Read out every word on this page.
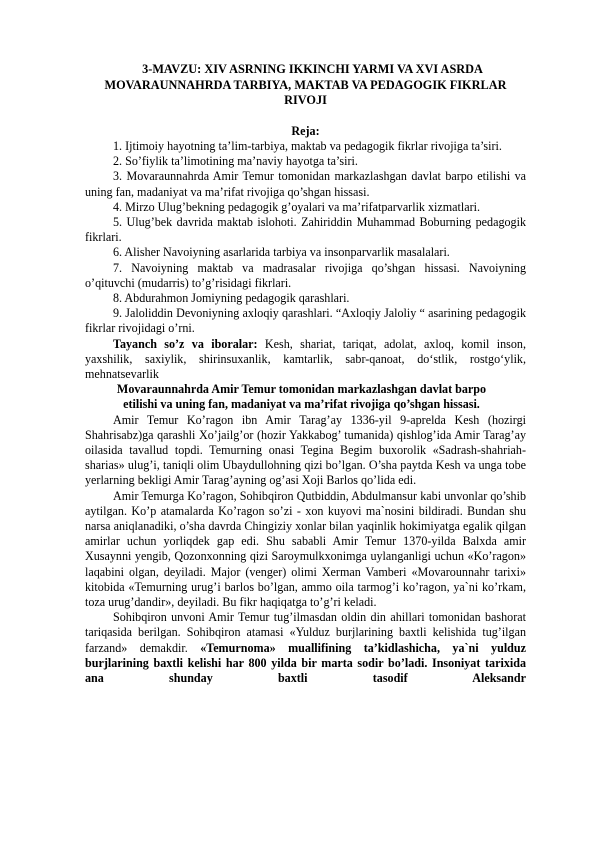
3-MAVZU: XIV ASRNING IKKINCHI YARMI VA XVI ASRDA
MOVARAUNNAHRDA TARBIYA, MAKTAB VA PEDAGOGIK FIKRLAR
RIVOJI

Reja:

1. Ijtimoiy hayotning ta’lim-tarbiya, maktab va pedagogik fikrlar rivojiga ta’siri.

2. So’fiylik ta’limotining ma’naviy hayotga ta’siri.

3. Movaraunnahrda Amir Temur tomonidan markazlashgan davlat barpo etilishi va uning fan, madaniyat va ma’rifat rivojiga qo’shgan hissasi.

4. Mirzo Ulug’bekning pedagogik g’oyalari va ma’rifatparvarlik xizmatlari.

5. Ulug’bek davrida maktab islohoti. Zahiriddin Muhammad Boburning pedagogik fikrlari.

6. Alisher Navoiyning asarlarida tarbiya va insonparvarlik masalalari.

7. Navoiyning maktab va madrasalar rivojiga qo’shgan hissasi. Navoiyning o’qituvchi (mudarris) to’g’risidagi fikrlari.

8. Abdurahmon Jomiyning pedagogik qarashlari.

9. Jaloliddin Devoniyning axloqiy qarashlari. “Axloqiy Jaloliy “ asarining pedagogik fikrlar rivojidagi o’rni.

Tayanch so’z va iboralar: Kesh, shariat, tariqat, adolat, axloq, komil inson, yaxshilik, saxiylik, shirinsuxanlik, kamtarlik, sabr-qanoat, do‘stlik, rostgo‘ylik, mehnatsevarlik

Movaraunnahrda Amir Temur tomonidan markazlashgan davlat barpo
etilishi va uning fan, madaniyat va ma’rifat rivojiga qo’shgan hissasi.

Amir Temur Ko’ragon ibn Amir Tarag’ay 1336-yil 9-aprelda Kesh (hozirgi Shahrisabz)ga qarashli Xo’jailg’or (hozir Yakkabog’ tumanida) qishlog’ida Amir Tarag’ay oilasida tavallud topdi. Temurning onasi Tegina Begim buxorolik «Sadrash-shahriah-sharias» ulug’i, taniqli olim Ubaydullohning qizi bo’lgan. O’sha paytda Kesh va unga tobe yerlarning bekligi Amir Tarag’ayning og’asi Xoji Barlos qo’lida edi.

Amir Temurga Ko’ragon, Sohibqiron Qutbiddin, Abdulmansur kabi unvonlar qo’shib aytilgan. Ko’p atamalarda Ko’ragon so’zi - xon kuyovi ma`nosini bildiradi. Bundan shu narsa aniqlanadiki, o’sha davrda Chingiziy xonlar bilan yaqinlik hokimiyatga egalik qilgan amirlar uchun yorliqdek gap edi. Shu sababli Amir Temur 1370-yilda Balxda amir Xusaynni yengib, Qozonxonning qizi Saroymulkxonimga uylanganligi uchun «Ko’ragon» laqabini olgan, deyiladi. Major (venger) olimi Xerman Vamberi «Movarounnahr tarixi» kitobida «Temurning urug’i barlos bo’lgan, ammo oila tarmog’i ko’ragon, ya`ni ko’rkam, toza urug’dandir», deyiladi. Bu fikr haqiqatga to’g’ri keladi.

Sohibqiron unvoni Amir Temur tug’ilmasdan oldin din ahillari tomonidan bashorat tariqasida berilgan. Sohibqiron atamasi «Yulduz burjlarining baxtli kelishida tug’ilgan farzand» demakdir. «Temurnoma» muallifining ta’kidlashicha, ya`ni yulduz burjlarining baxtli kelishi har 800 yilda bir marta sodir bo’ladi. Insoniyat tarixida ana shunday baxtli tasodif Aleksandr
